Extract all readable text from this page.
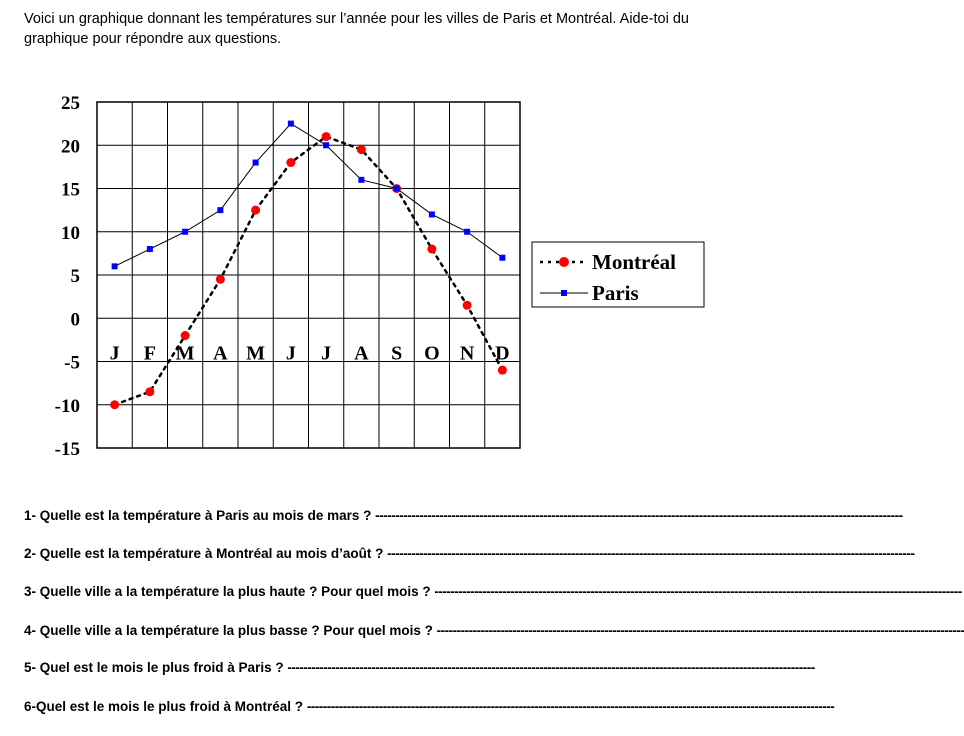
Voici un graphique donnant les températures sur l’année pour les villes de Paris et Montréal. Aide-toi du graphique pour répondre aux questions.

25
20
15
10
5
0
-5
-10
-15
J F M A M J J A S O N D
Montréal
Paris
1- Quelle est la température à Paris au mois de mars ? ------------------------------------------------------------------------------------------------------------------------------------
2- Quelle est la température à Montréal au mois d’août ? ------------------------------------------------------------------------------------------------------------------------------------
3- Quelle ville a la température la plus haute ? Pour quel mois ? ------------------------------------------------------------------------------------------------------------------------------------
4- Quelle ville a la température la plus basse ? Pour quel mois ? ------------------------------------------------------------------------------------------------------------------------------------
5- Quel est le mois le plus froid à Paris ? ------------------------------------------------------------------------------------------------------------------------------------
6-Quel est le mois le plus froid à Montréal ? ------------------------------------------------------------------------------------------------------------------------------------
